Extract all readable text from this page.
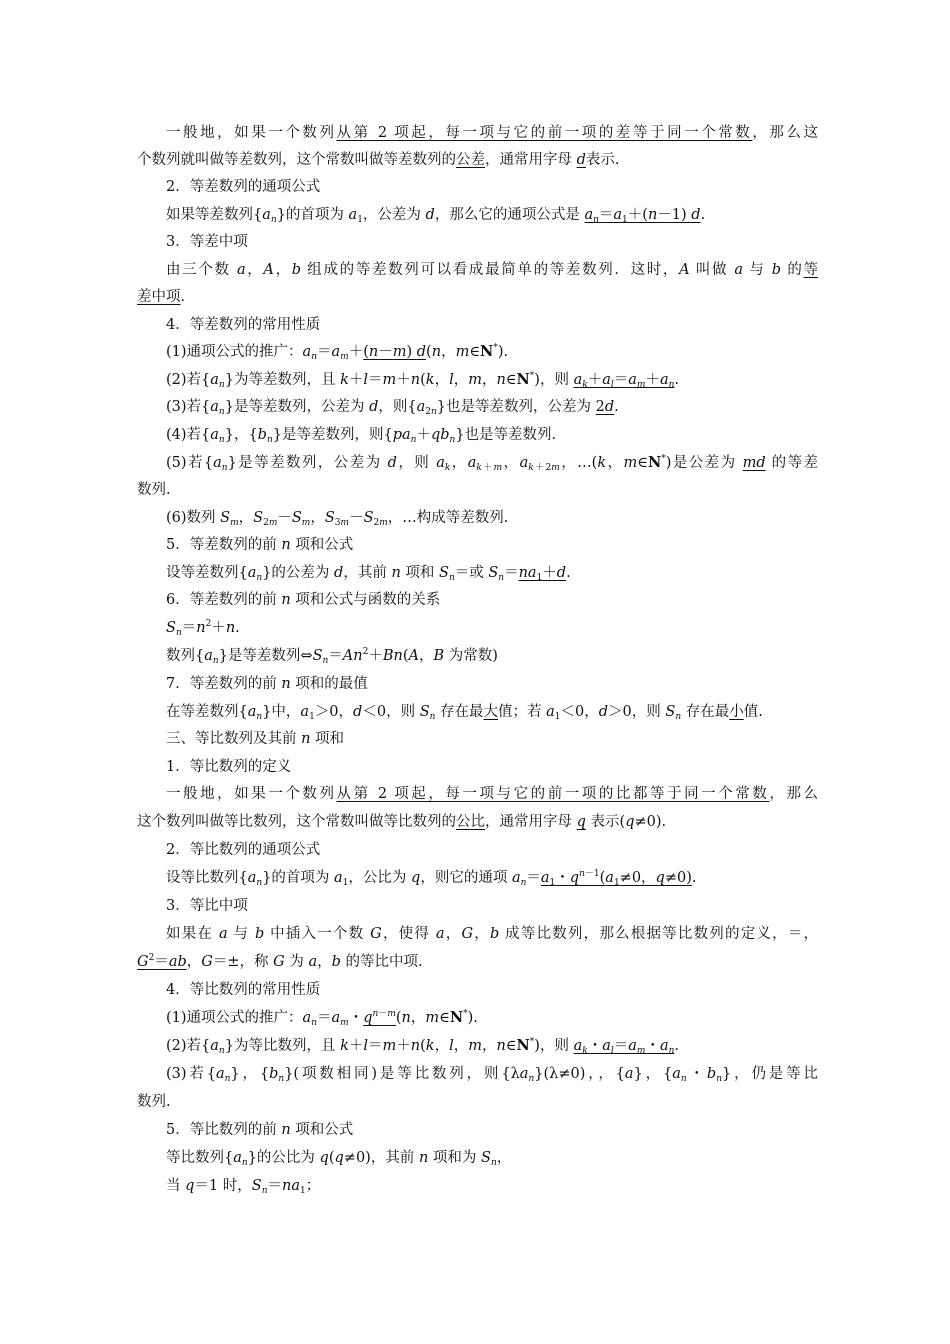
一般地，如果一个数列从第 2 项起，每一项与它的前一项的差等于同一个常数，那么这
个数列就叫做等差数列，这个常数叫做等差数列的公差，通常用字母 d表示.
2．等差数列的通项公式
如果等差数列$\{a_n\}$的首项为 $a_1$，公差为 d，那么它的通项公式是 $a_n=a_1+(n-1)$ d.
3．等差中项
由三个数 a，A，b 组成的等差数列可以看成最简单的等差数列．这时，A 叫做 a 与 b 的等
差中项.
4．等差数列的常用性质
(1)通项公式的推广：$a_n=a_m+(n-m)$ d(n，m∈N*).
(2)若$\{a_n\}$为等差数列，且 k＋l＝m＋n(k，l，m，n∈N*)，则 $a_k+a_l=a_m+a_n$.
(3)若$\{a_n\}$是等差数列，公差为 d，则$\{a_{2n}\}$也是等差数列，公差为 2d.
(4)若$\{a_n\}$，$\{b_n\}$是等差数列，则$\{pa_n+qb_n\}$也是等差数列.
(5)若$\{a_n\}$是等差数列，公差为 d，则 $a_k$，$a_{k+m}$，$a_{k+2m}$，…(k，m∈N*)是公差为 md 的等差
数列.
(6)数列 $S_m$，$S_{2m}-S_m$，$S_{3m}-S_{2m}$，…构成等差数列.
5．等差数列的前 n 项和公式
设等差数列$\{a_n\}$的公差为 d，其前 n 项和 $S_n=$或 $S_n=na_1+d$.
6．等差数列的前 n 项和公式与函数的关系
$S_n=n^2+n$.
数列$\{a_n\}$是等差数列$\Leftrightarrow S_n=An^2+Bn(A$，B 为常数)
7．等差数列的前 n 项和的最值
在等差数列$\{a_n\}$中，$a_1>0$，d＜0，则 $S_n$ 存在最大值；若 $a_1<0$，d＞0，则 $S_n$ 存在最小值.
三、等比数列及其前 n 项和
1．等比数列的定义
一般地，如果一个数列从第 2 项起，每一项与它的前一项的比都等于同一个常数，那么
这个数列叫做等比数列，这个常数叫做等比数列的公比，通常用字母 q 表示(q≠0).
2．等比数列的通项公式
设等比数列$\{a_n\}$的首项为 $a_1$，公比为 q，则它的通项 $a_n=a_1$・$q^{n-1}(a_1\ne 0$，q≠0).
3．等比中项
如果在 a 与 b 中插入一个数 G，使得 a，G，b 成等比数列，那么根据等比数列的定义，＝，
$G^2=ab$，G＝±，称 G 为 a，b 的等比中项.
4．等比数列的常用性质
(1)通项公式的推广：$a_n=a_m$・$q^{n-m}(n$，m∈N*).
(2)若$\{a_n\}$为等比数列，且 k＋l＝m＋n(k，l，m，n∈N*)，则 $a_k$・$a_l=a_m$・$a_n$.
(3)若$\{a_n\}$，$\{b_n\}$(项数相同)是等比数列，则$\{\lambda a_n\}(\lambda\ne 0)$，，{a}，{$a_n$・$b_n$}，仍是等比
数列.
5．等比数列的前 n 项和公式
等比数列$\{a_n\}$的公比为 q(q≠0)，其前 n 项和为 $S_n$，
当 q＝1 时，$S_n=na_1$；
